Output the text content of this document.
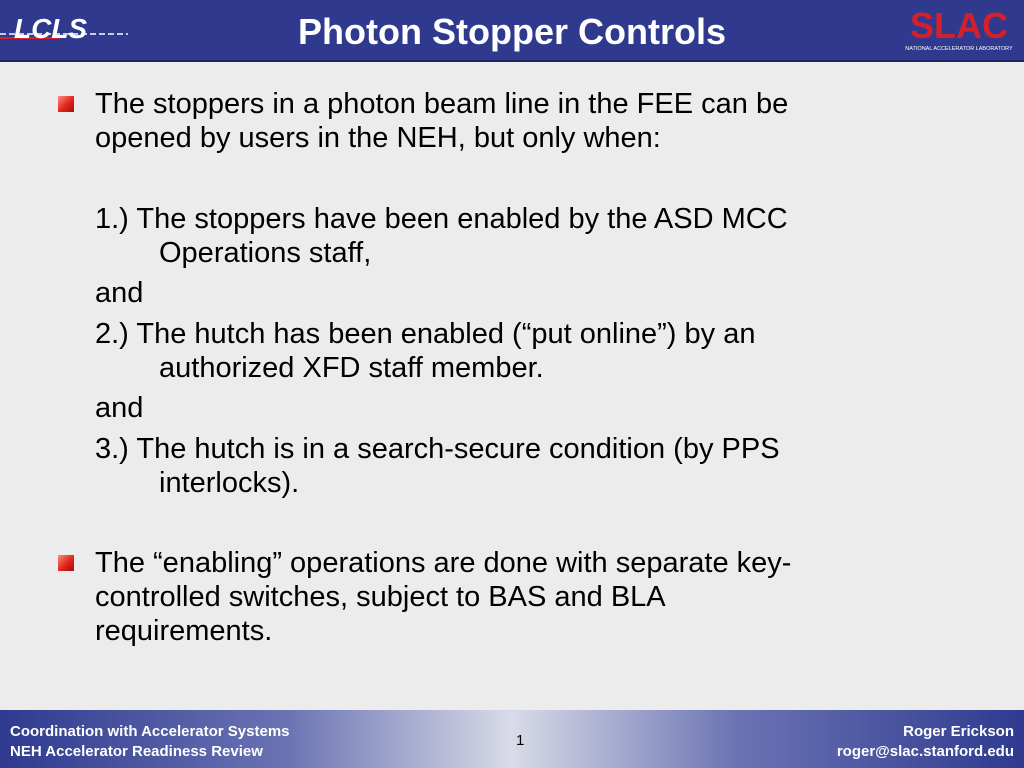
LCLS	Photon Stopper Controls	SLAC
NATIONAL ACCELERATOR LABORATORY
The stoppers in a photon beam line in the FEE can be
opened by users in the NEH, but only when:
1.) The stoppers have been enabled by the ASD MCC
Operations staff,
and
2.) The hutch has been enabled (“put online”) by an
authorized XFD staff member.
and
3.) The hutch is in a search-secure condition (by PPS
interlocks).
The “enabling” operations are done with separate key-
controlled switches, subject to BAS and BLA
requirements.
Coordination with Accelerator Systems
NEH Accelerator Readiness Review
1
Roger Erickson
roger@slac.stanford.edu
